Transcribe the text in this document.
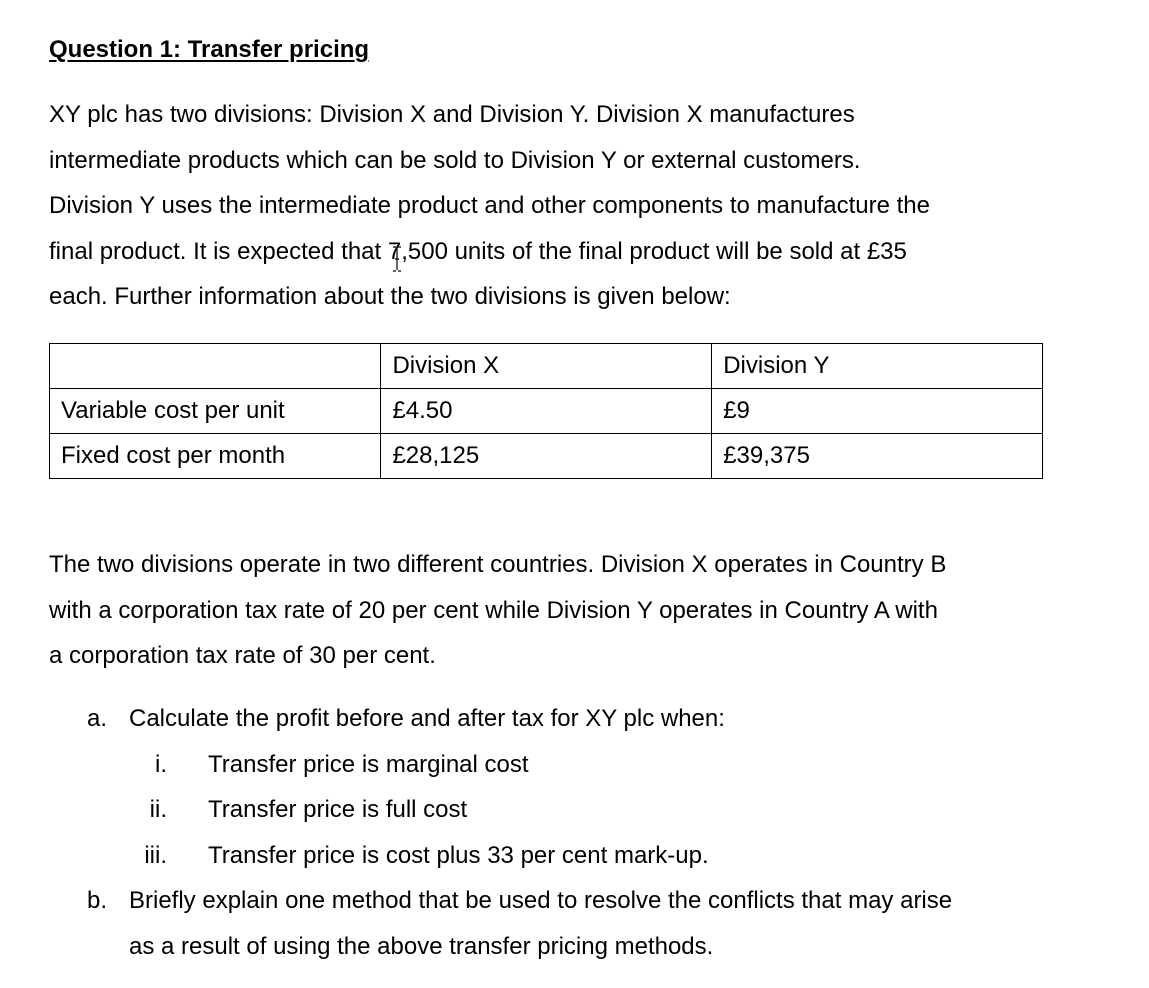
Question 1: Transfer pricing
XY plc has two divisions: Division X and Division Y. Division X manufactures
intermediate products which can be sold to Division Y or external customers.
Division Y uses the intermediate product and other components to manufacture the
final product. It is expected that 7,500 units of the final product will be sold at £35
each. Further information about the two divisions is given below:
	Division X	Division Y
Variable cost per unit	£4.50	£9
Fixed cost per month	£28,125	£39,375
The two divisions operate in two different countries. Division X operates in Country B
with a corporation tax rate of 20 per cent while Division Y operates in Country A with
a corporation tax rate of 30 per cent.
a. Calculate the profit before and after tax for XY plc when:
i. Transfer price is marginal cost
ii. Transfer price is full cost
iii. Transfer price is cost plus 33 per cent mark-up.
b. Briefly explain one method that be used to resolve the conflicts that may arise
as a result of using the above transfer pricing methods.
